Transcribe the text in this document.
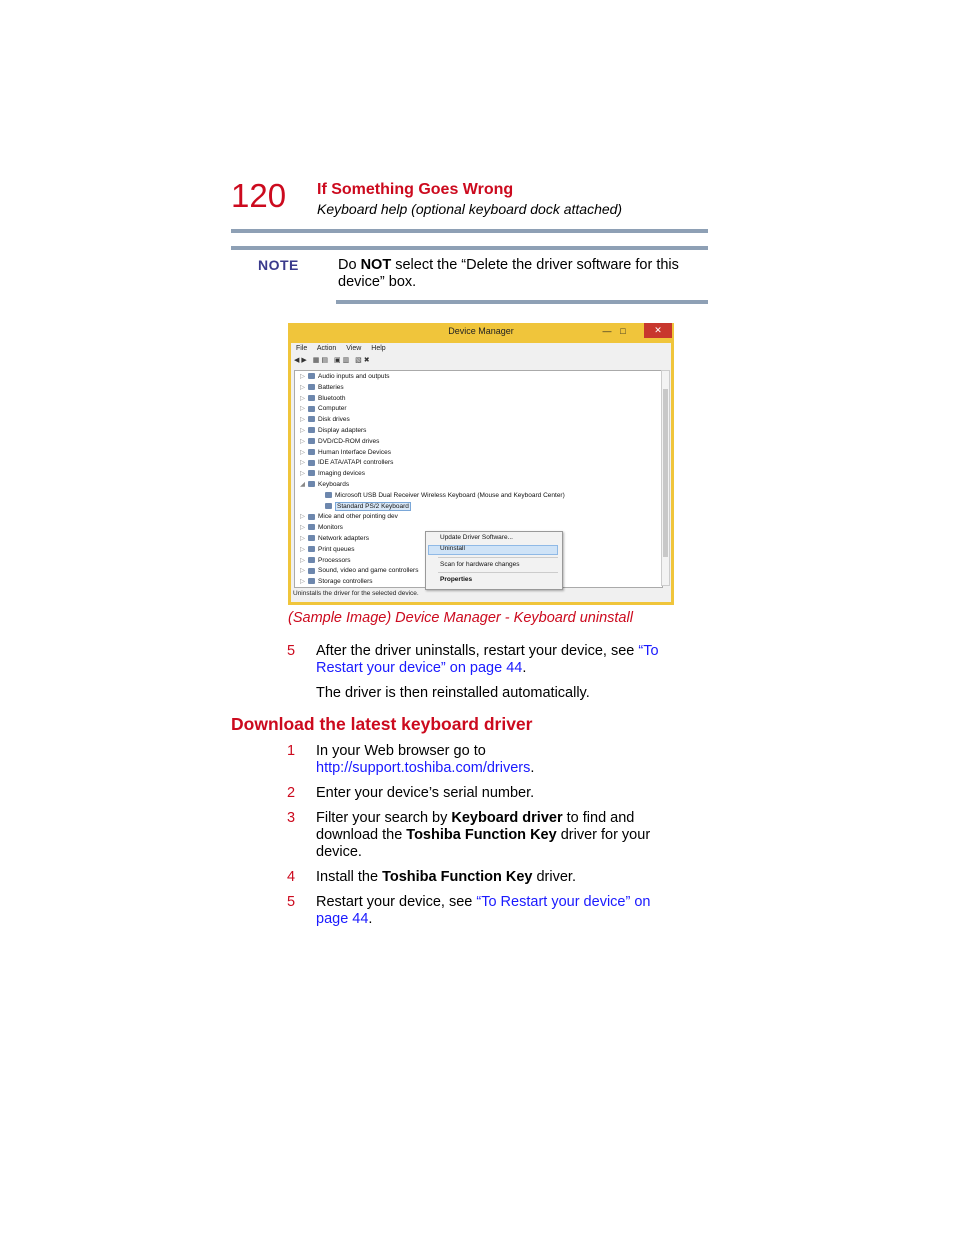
120 If Something Goes Wrong
Keyboard help (optional keyboard dock attached)
NOTE	Do NOT select the “Delete the driver software for this device” box.
Device Manager	— □	✕
File Action View Help
◀▶ ▦▤ ▣▥ ▧✖
▷ Audio inputs and outputs
▷ Batteries
▷ Bluetooth
▷ Computer
▷ Disk drives
▷ Display adapters
▷ DVD/CD-ROM drives
▷ Human Interface Devices
▷ IDE ATA/ATAPI controllers
▷ Imaging devices
◢ Keyboards
Microsoft USB Dual Receiver Wireless Keyboard (Mouse and Keyboard Center)
Standard PS/2 Keyboard
▷ Mice and other pointing dev
▷ Monitors
▷ Network adapters
▷ Print queues
▷ Processors
▷ Sound, video and game controllers
▷ Storage controllers
Update Driver Software...
Uninstall
Scan for hardware changes
Properties
Uninstalls the driver for the selected device.
(Sample Image) Device Manager - Keyboard uninstall
5 After the driver uninstalls, restart your device, see “To Restart your device” on page 44.
The driver is then reinstalled automatically.
Download the latest keyboard driver
1 In your Web browser go to
http://support.toshiba.com/drivers.
2 Enter your device’s serial number.
3 Filter your search by Keyboard driver to find and download the Toshiba Function Key driver for your device.
4 Install the Toshiba Function Key driver.
5 Restart your device, see “To Restart your device” on page 44.
